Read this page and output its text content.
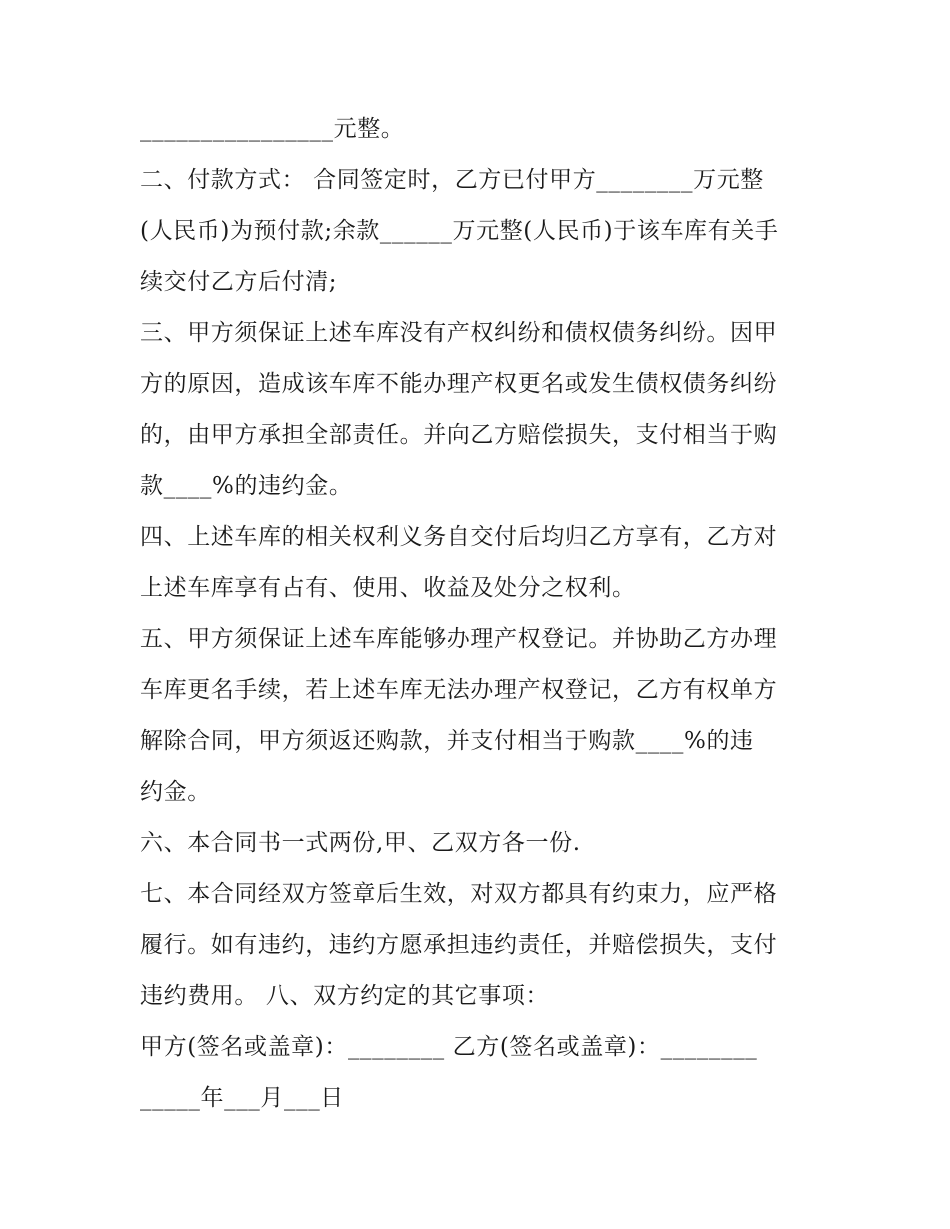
________________元整。
二、付款方式： 合同签定时，乙方已付甲方________万元整
(人民币)为预付款;余款______万元整(人民币)于该车库有关手
续交付乙方后付清;
三、甲方须保证上述车库没有产权纠纷和债权债务纠纷。因甲
方的原因，造成该车库不能办理产权更名或发生债权债务纠纷
的，由甲方承担全部责任。并向乙方赔偿损失，支付相当于购
款____%的违约金。
四、上述车库的相关权利义务自交付后均归乙方享有，乙方对
上述车库享有占有、使用、收益及处分之权利。
五、甲方须保证上述车库能够办理产权登记。并协助乙方办理
车库更名手续，若上述车库无法办理产权登记，乙方有权单方
解除合同，甲方须返还购款，并支付相当于购款____%的违
约金。
六、本合同书一式两份,甲、乙双方各一份.
七、本合同经双方签章后生效，对双方都具有约束力，应严格
履行。如有违约，违约方愿承担违约责任，并赔偿损失，支付
违约费用。 八、双方约定的其它事项：
甲方(签名或盖章)：________ 乙方(签名或盖章)：________
_____年___月___日
